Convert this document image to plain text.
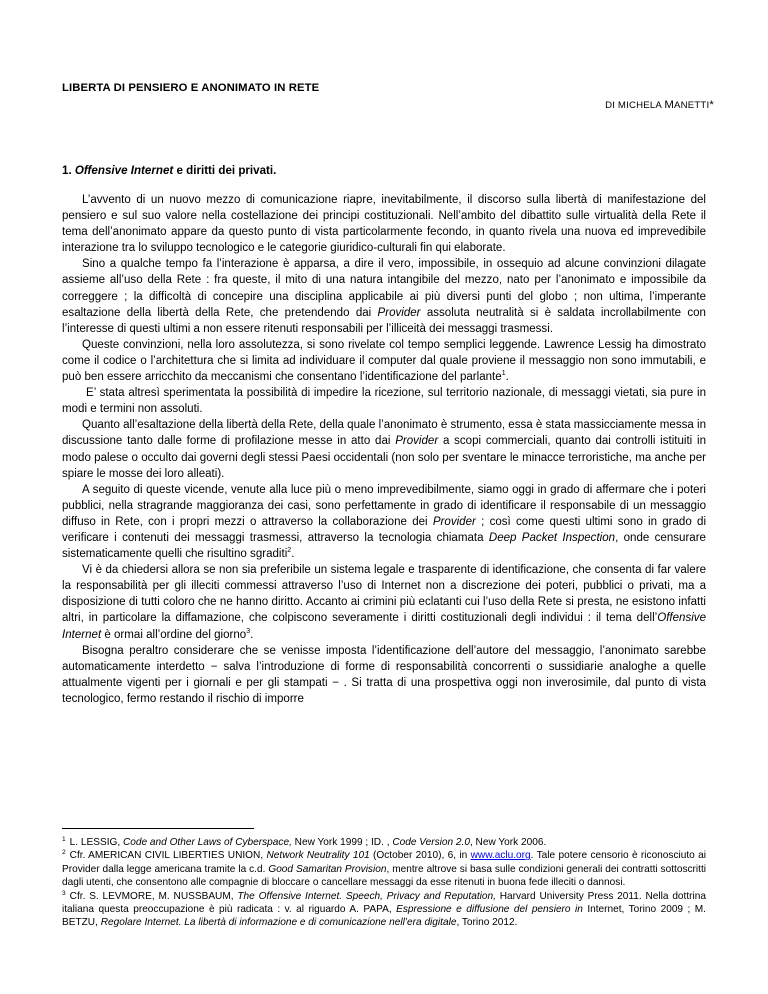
LIBERTA DI PENSIERO E ANONIMATO IN RETE
DI MICHELA MANETTI*
1. Offensive Internet e diritti dei privati.

L’avvento di un nuovo mezzo di comunicazione riapre, inevitabilmente, il discorso sulla libertà di manifestazione del pensiero e sul suo valore nella costellazione dei principi costituzionali. Nell’ambito del dibattito sulle virtualità della Rete il tema dell’anonimato appare da questo punto di vista particolarmente fecondo, in quanto rivela una nuova ed imprevedibile interazione tra lo sviluppo tecnologico e le categorie giuridico-culturali fin qui elaborate.

Sino a qualche tempo fa l’interazione è apparsa, a dire il vero, impossibile, in ossequio ad alcune convinzioni dilagate assieme all’uso della Rete : fra queste, il mito di una natura intangibile del mezzo, nato per l’anonimato e impossibile da correggere ; la difficoltà di concepire una disciplina applicabile ai più diversi punti del globo ; non ultima, l’imperante esaltazione della libertà della Rete, che pretendendo dai Provider assoluta neutralità si è saldata incrollabilmente con l’interesse di questi ultimi a non essere ritenuti responsabili per l’illiceità dei messaggi trasmessi.

Queste convinzioni, nella loro assolutezza, si sono rivelate col tempo semplici leggende. Lawrence Lessig ha dimostrato come il codice o l’architettura che si limita ad individuare il computer dal quale proviene il messaggio non sono immutabili, e può ben essere arricchito da meccanismi che consentano l’identificazione del parlante$^1$.

E’ stata altresì sperimentata la possibilità di impedire la ricezione, sul territorio nazionale, di messaggi vietati, sia pure in modi e termini non assoluti.

Quanto all’esaltazione della libertà della Rete, della quale l’anonimato è strumento, essa è stata massicciamente messa in discussione tanto dalle forme di profilazione messe in atto dai Provider a scopi commerciali, quanto dai controlli istituiti in modo palese o occulto dai governi degli stessi Paesi occidentali (non solo per sventare le minacce terroristiche, ma anche per spiare le mosse dei loro alleati).

A seguito di queste vicende, venute alla luce più o meno imprevedibilmente, siamo oggi in grado di affermare che i poteri pubblici, nella stragrande maggioranza dei casi, sono perfettamente in grado di identificare il responsabile di un messaggio diffuso in Rete, con i propri mezzi o attraverso la collaborazione dei Provider ; così come questi ultimi sono in grado di verificare i contenuti dei messaggi trasmessi, attraverso la tecnologia chiamata Deep Packet Inspection, onde censurare sistematicamente quelli che risultino sgraditi$^2$.

Vi è da chiedersi allora se non sia preferibile un sistema legale e trasparente di identificazione, che consenta di far valere la responsabilità per gli illeciti commessi attraverso l’uso di Internet non a discrezione dei poteri, pubblici o privati, ma a disposizione di tutti coloro che ne hanno diritto. Accanto ai crimini più eclatanti cui l’uso della Rete si presta, ne esistono infatti altri, in particolare la diffamazione, che colpiscono severamente i diritti costituzionali degli individui : il tema dell’Offensive Internet è ormai all’ordine del giorno$^3$.

Bisogna peraltro considerare che se venisse imposta l’identificazione dell’autore del messaggio, l’anonimato sarebbe automaticamente interdetto − salva l’introduzione di forme di responsabilità concorrenti o sussidiarie analoghe a quelle attualmente vigenti per i giornali e per gli stampati − . Si tratta di una prospettiva oggi non inverosimile, dal punto di vista tecnologico, fermo restando il rischio di imporre

$^1$ L. LESSIG, Code and Other Laws of Cyberspace, New York 1999 ; ID. , Code Version 2.0, New York 2006.

$^2$ Cfr. AMERICAN CIVIL LIBERTIES UNION, Network Neutrality 101 (October 2010), 6, in www.aclu.org. Tale potere censorio è riconosciuto ai Provider dalla legge americana tramite la c.d. Good Samaritan Provision, mentre altrove si basa sulle condizioni generali dei contratti sottoscritti dagli utenti, che consentono alle compagnie di bloccare o cancellare messaggi da esse ritenuti in buona fede illeciti o dannosi.

$^3$ Cfr. S. LEVMORE, M. NUSSBAUM, The Offensive Internet. Speech, Privacy and Reputation, Harvard University Press 2011. Nella dottrina italiana questa preoccupazione è più radicata : v. al riguardo A. PAPA, Espressione e diffusione del pensiero in Internet, Torino 2009 ; M. BETZU, Regolare Internet. La libertà di informazione e di comunicazione nell’era digitale, Torino 2012.
